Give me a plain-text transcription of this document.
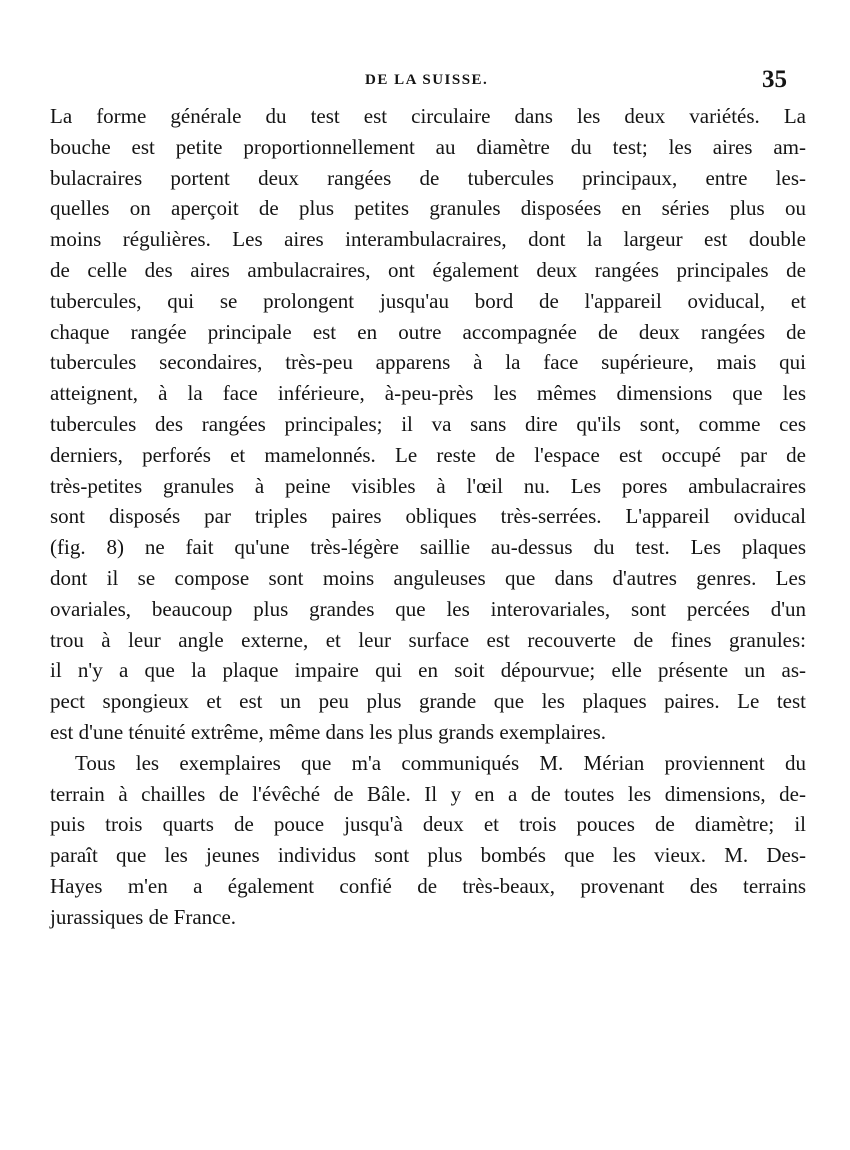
DE LA SUISSE.	35
La forme générale du test est circulaire dans les deux variétés. La
bouche est petite proportionnellement au diamètre du test; les aires am-
bulacraires portent deux rangées de tubercules principaux, entre les-
quelles on aperçoit de plus petites granules disposées en séries plus ou
moins régulières. Les aires interambulacraires, dont la largeur est double
de celle des aires ambulacraires, ont également deux rangées principales de
tubercules, qui se prolongent jusqu'au bord de l'appareil oviducal, et
chaque rangée principale est en outre accompagnée de deux rangées de
tubercules secondaires, très-peu apparens à la face supérieure, mais qui
atteignent, à la face inférieure, à-peu-près les mêmes dimensions que les
tubercules des rangées principales; il va sans dire qu'ils sont, comme ces
derniers, perforés et mamelonnés. Le reste de l'espace est occupé par de
très-petites granules à peine visibles à l'œil nu. Les pores ambulacraires
sont disposés par triples paires obliques très-serrées. L'appareil oviducal
(fig. 8) ne fait qu'une très-légère saillie au-dessus du test. Les plaques
dont il se compose sont moins anguleuses que dans d'autres genres. Les
ovariales, beaucoup plus grandes que les interovariales, sont percées d'un
trou à leur angle externe, et leur surface est recouverte de fines granules:
il n'y a que la plaque impaire qui en soit dépourvue; elle présente un as-
pect spongieux et est un peu plus grande que les plaques paires. Le test
est d'une ténuité extrême, même dans les plus grands exemplaires.
Tous les exemplaires que m'a communiqués M. Mérian proviennent du
terrain à chailles de l'évêché de Bâle. Il y en a de toutes les dimensions, de-
puis trois quarts de pouce jusqu'à deux et trois pouces de diamètre; il
paraît que les jeunes individus sont plus bombés que les vieux. M. Des-
Hayes m'en a également confié de très-beaux, provenant des terrains
jurassiques de France.
